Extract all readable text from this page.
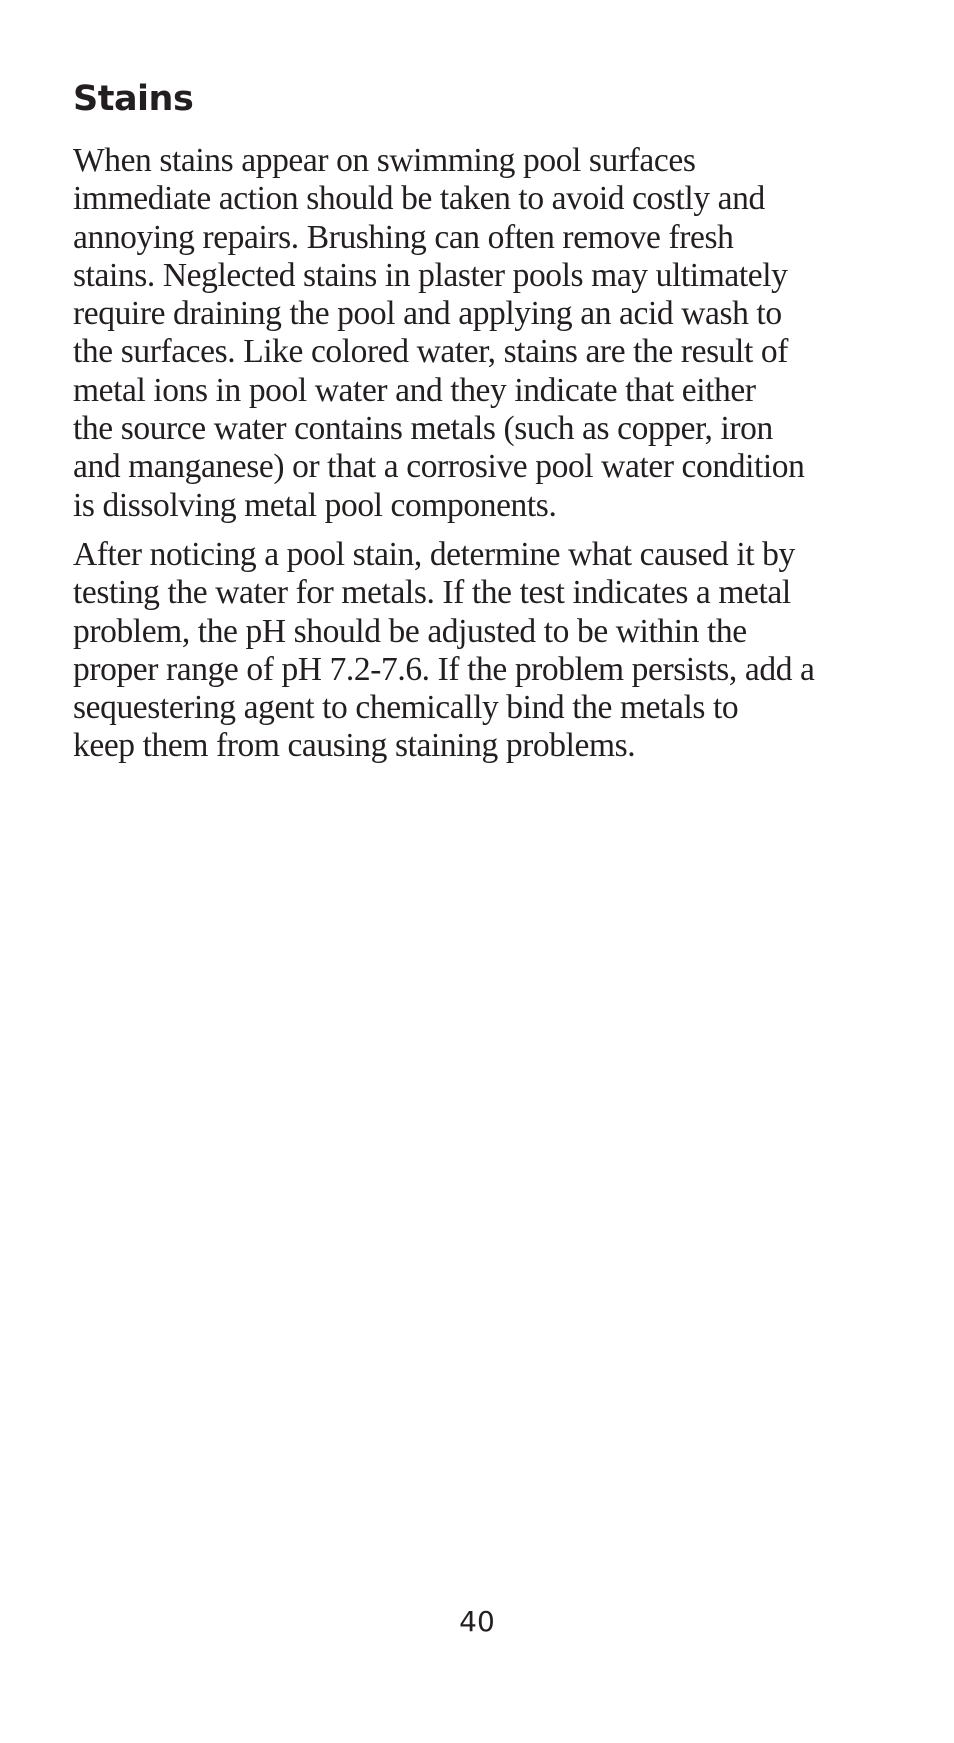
Stains

When stains appear on swimming pool surfaces
immediate action should be taken to avoid costly and
annoying repairs. Brushing can often remove fresh
stains. Neglected stains in plaster pools may ultimately
require draining the pool and applying an acid wash to
the surfaces. Like colored water, stains are the result of
metal ions in pool water and they indicate that either
the source water contains metals (such as copper, iron
and manganese) or that a corrosive pool water condition
is dissolving metal pool components.

After noticing a pool stain, determine what caused it by
testing the water for metals. If the test indicates a metal
problem, the pH should be adjusted to be within the
proper range of pH 7.2-7.6. If the problem persists, add a
sequestering agent to chemically bind the metals to
keep them from causing staining problems.

40
